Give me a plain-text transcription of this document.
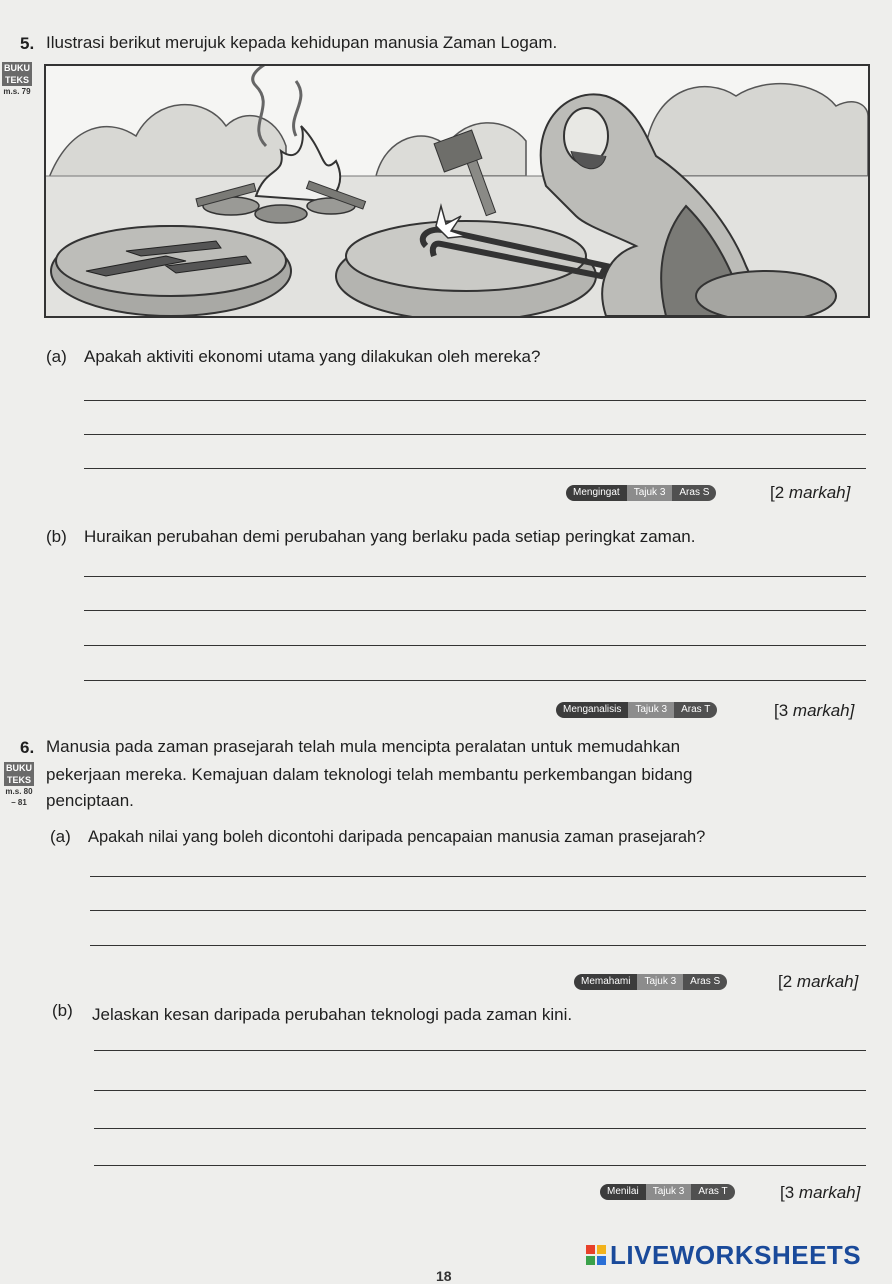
5. Ilustrasi berikut merujuk kepada kehidupan manusia Zaman Logam.
BUKU
TEKS
m.s. 79
(a) Apakah aktiviti ekonomi utama yang dilakukan oleh mereka?
Mengingat	Tajuk 3	Aras S	[2 markah]
(b) Huraikan perubahan demi perubahan yang berlaku pada setiap peringkat zaman.
Menganalisis	Tajuk 3	Aras T	[3 markah]
6. Manusia pada zaman prasejarah telah mula mencipta peralatan untuk memudahkan
pekerjaan mereka. Kemajuan dalam teknologi telah membantu perkembangan bidang
penciptaan.
BUKU
TEKS
m.s. 80
– 81
(a) Apakah nilai yang boleh dicontohi daripada pencapaian manusia zaman prasejarah?
Memahami	Tajuk 3	Aras S	[2 markah]
(b) Jelaskan kesan daripada perubahan teknologi pada zaman kini.
Menilai	Tajuk 3	Aras T	[3 markah]
18
LIVEWORKSHEETS
